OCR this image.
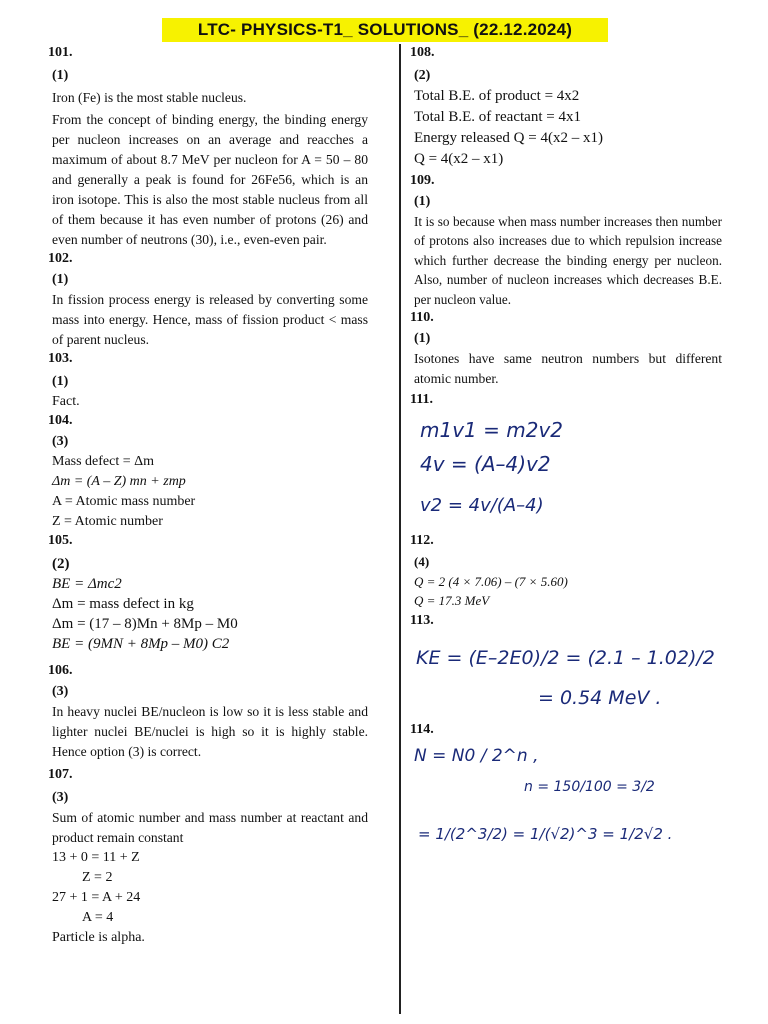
LTC- PHYSICS-T1_ SOLUTIONS_ (22.12.2024)
101.
(1)
Iron (Fe) is the most stable nucleus.
From the concept of binding energy, the binding energy per nucleon increases on an average and reacches a maximum of about 8.7 MeV per nucleon for A = 50 – 80 and generally a peak is found for 26Fe56, which is an iron isotope. This is also the most stable nucleus from all of them because it has even number of protons (26) and even number of neutrons (30), i.e., even-even pair.
102.
(1)
In fission process energy is released by converting some mass into energy. Hence, mass of fission product < mass of parent nucleus.
103.
(1)
Fact.
104.
(3)
Mass defect = Δm
Δm = (A – Z) mn + zmp
A = Atomic mass number
Z = Atomic number
105.
(2)
BE = Δmc2
Δm = mass defect in kg
Δm = (17 – 8)Mn + 8Mp – M0
BE = (9MN + 8Mp – M0) C2
106.
(3)
In heavy nuclei BE/nucleon is low so it is less stable and lighter nuclei BE/nuclei is high so it is highly stable. Hence option (3) is correct.
107.
(3)
Sum of atomic number and mass number at reactant and product remain constant
13 + 0 = 11 + Z
Z = 2
27 + 1 = A + 24
A = 4
Particle is alpha.
108.
(2)
Total B.E. of product = 4x2
Total B.E. of reactant = 4x1
Energy released Q = 4(x2 – x1)
Q = 4(x2 – x1)
109.
(1)
It is so because when mass number increases then number of protons also increases due to which repulsion increase which further decrease the binding energy per nucleon. Also, number of nucleon increases which decreases B.E. per nucleon value.
110.
(1)
Isotones have same neutron numbers but different atomic number.
111.
m1v1 = m2v2
4v = (A–4)v2
v2 = 4v/(A–4)
112.
(4)
Q = 2 (4 × 7.06) – (7 × 5.60)
Q = 17.3 MeV
113.
KE = (E–2E0)/2 = (2.1 – 1.02)/2
= 0.54 MeV .
114.
N = N0 / 2^n ,
n = 150/100 = 3/2
= 1/(2^3/2) = 1/(√2)^3 = 1/2√2 .
